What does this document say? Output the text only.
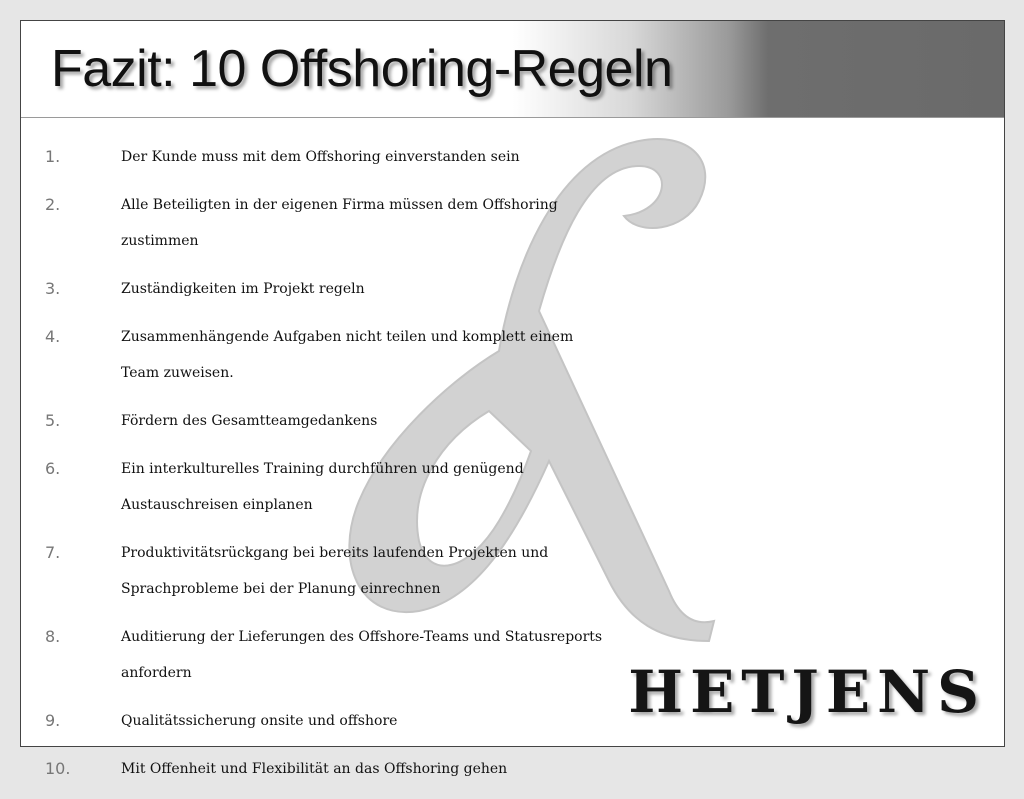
Fazit: 10 Offshoring-Regeln
1.	Der Kunde muss mit dem Offshoring einverstanden sein
2.	Alle Beteiligten in der eigenen Firma müssen dem Offshoring zustimmen
3.	Zuständigkeiten im Projekt regeln
4.	Zusammenhängende Aufgaben nicht teilen und komplett einem Team zuweisen.
5.	Fördern des Gesamtteamgedankens
6.	Ein interkulturelles Training durchführen und genügend Austauschreisen einplanen
7.	Produktivitätsrückgang bei bereits laufenden Projekten und Sprachprobleme bei der Planung einrechnen
8.	Auditierung der Lieferungen des Offshore-Teams und Statusreports anfordern
9.	Qualitätssicherung onsite und offshore
10.	Mit Offenheit und Flexibilität an das Offshoring gehen
HETJENS
